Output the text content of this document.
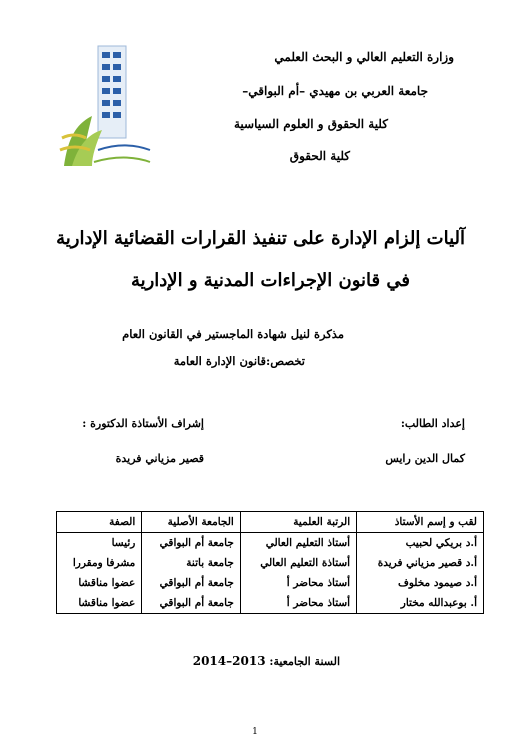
وزارة التعليم العالي و البحث العلمي
جامعة العربي بن مهيدي –أم البواقي–
كلية الحقوق و العلوم السياسية
كلية الحقوق
آليات إلزام الإدارة على تنفيذ القرارات القضائية الإدارية
في قانون الإجراءات المدنية و الإدارية
مذكرة لنيل شهادة الماجستير في القانون العام
تخصص:قانون الإدارة العامة
إعداد الطالب:
إشراف الأستاذة الدكتورة :
كمال الدين رايس
قصير مزياني فريدة
لقب و إسم الأستاذ	الرتبة العلمية	الجامعة الأصلية	الصفة
أ.د بريكي لحبيب	أستاذ التعليم العالي	جامعة أم البواقي	رئيسا
أ.د قصير مزياني فريدة	أستاذة التعليم العالي	جامعة باتنة	مشرفا ومقررا
أ.د صيمود مخلوف	أستاذ محاضر أ	جامعة أم البواقي	عضوا مناقشا
أ. بوعبدالله مختار	أستاذ محاضر أ	جامعة أم البواقي	عضوا مناقشا
السنة الجامعية: 2013–2014
1
